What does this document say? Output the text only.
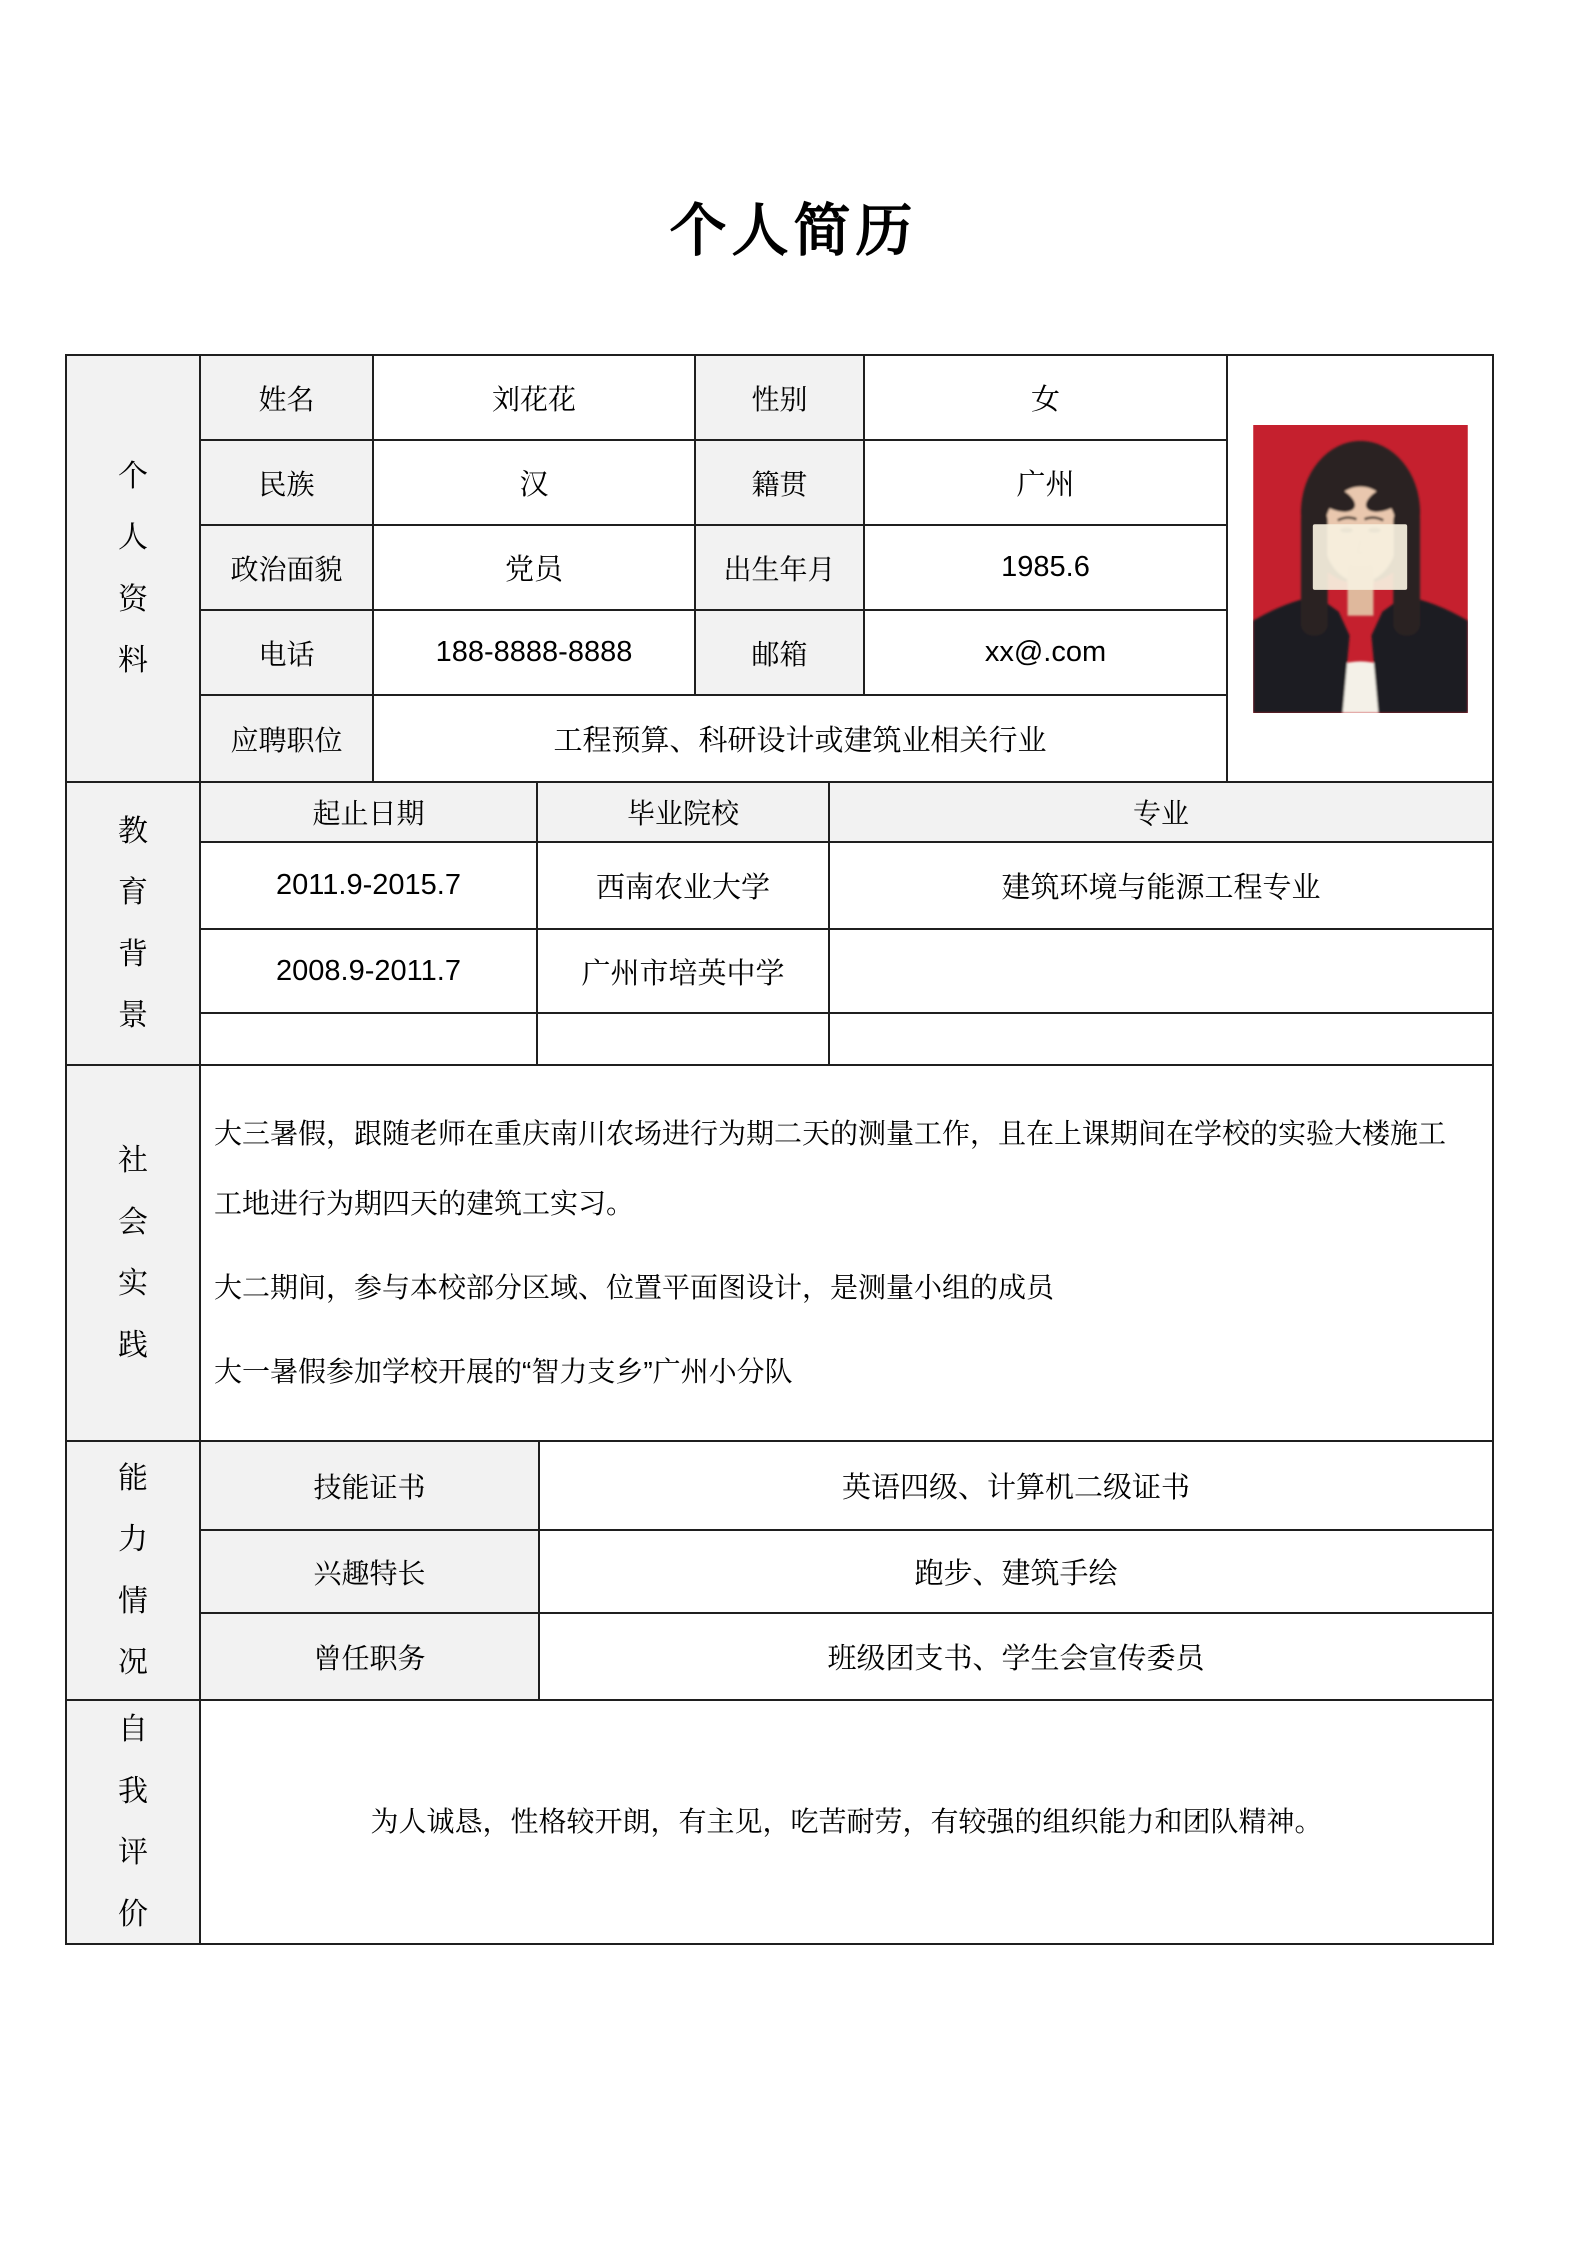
个人简历
个人资料
姓名	刘花花	性别	女
民族	汉	籍贯	广州
政治面貌	党员	出生年月	1985.6
电话	188-8888-8888	邮箱	xx@.com
应聘职位	工程预算、科研设计或建筑业相关行业
教育背景
起止日期	毕业院校	专业
2011.9-2015.7	西南农业大学	建筑环境与能源工程专业
2008.9-2011.7	广州市培英中学
社会实践

大三暑假，跟随老师在重庆南川农场进行为期二天的测量工作，且在上课期间在学校的实验大楼施工工地进行为期四天的建筑工实习。

大二期间，参与本校部分区域、位置平面图设计，是测量小组的成员

大一暑假参加学校开展的“智力支乡”广州小分队

能力情况
技能证书	英语四级、计算机二级证书
兴趣特长	跑步、建筑手绘
曾任职务	班级团支书、学生会宣传委员
自我评价

为人诚恳，性格较开朗，有主见，吃苦耐劳，有较强的组织能力和团队精神。
